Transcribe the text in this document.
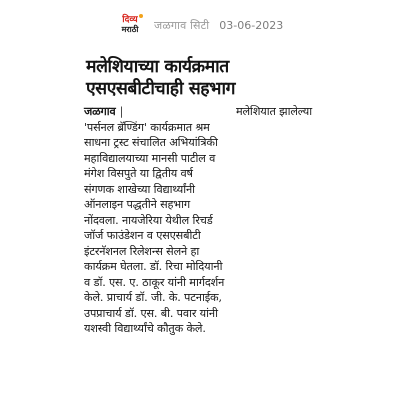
दिव्य
मराठी जळगाव सिटी 03-06-2023
मलेशियाच्या कार्यक्रमात
एसएसबीटीचाही सहभाग
जळगाव |	मलेशियात झालेल्या
'पर्सनल ब्रॅण्डिंग' कार्यक्रमात श्रम
साधना ट्रस्ट संचालित अभियांत्रिकी
महाविद्यालयाच्या मानसी पाटील व
मंगेश विसपुते या द्वितीय वर्ष
संगणक शाखेच्या विद्यार्थ्यांनी
ऑनलाइन पद्धतीने सहभाग
नोंदवला. नायजेरिया येथील रिचर्ड
जॉर्ज फाउंडेशन व एसएसबीटी
इंटरनॅशनल रिलेशन्स सेलने हा
कार्यक्रम घेतला. डॉ. रिचा मोदियानी
व डॉ. एस. ए. ठाकूर यांनी मार्गदर्शन
केले. प्राचार्य डॉ. जी. के. पटनाईक,
उपप्राचार्य डॉ. एस. बी. पवार यांनी
यशस्वी विद्यार्थ्यांचे कौतुक केले.
